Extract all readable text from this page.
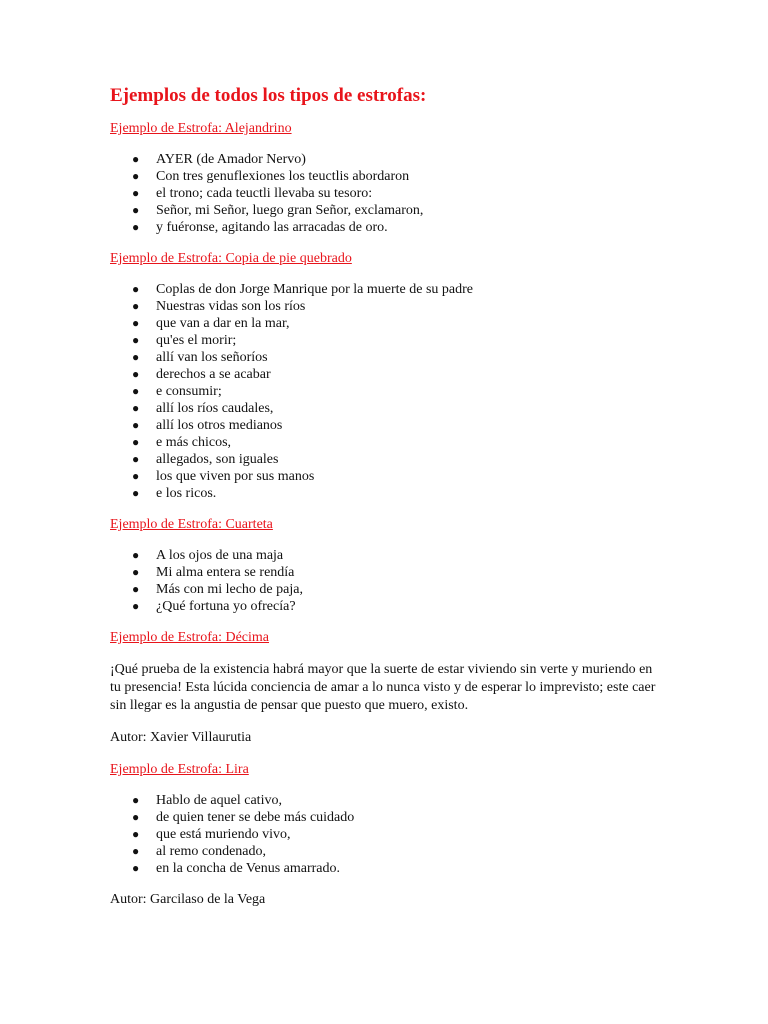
Ejemplos de todos los tipos de estrofas:
Ejemplo de Estrofa: Alejandrino
● AYER (de Amador Nervo)
● Con tres genuflexiones los teuctlis abordaron
● el trono; cada teuctli llevaba su tesoro:
● Señor, mi Señor, luego gran Señor, exclamaron,
● y fuéronse, agitando las arracadas de oro.
Ejemplo de Estrofa: Copia de pie quebrado
● Coplas de don Jorge Manrique por la muerte de su padre
● Nuestras vidas son los ríos
● que van a dar en la mar,
● qu'es el morir;
● allí van los señoríos
● derechos a se acabar
● e consumir;
● allí los ríos caudales,
● allí los otros medianos
● e más chicos,
● allegados, son iguales
● los que viven por sus manos
● e los ricos.
Ejemplo de Estrofa: Cuarteta
● A los ojos de una maja
● Mi alma entera se rendía
● Más con mi lecho de paja,
● ¿Qué fortuna yo ofrecía?
Ejemplo de Estrofa: Décima

¡Qué prueba de la existencia habrá mayor que la suerte de estar viviendo sin verte y muriendo en tu presencia! Esta lúcida conciencia de amar a lo nunca visto y de esperar lo imprevisto; este caer sin llegar es la angustia de pensar que puesto que muero, existo.

Autor: Xavier Villaurutia

Ejemplo de Estrofa: Lira
● Hablo de aquel cativo,
● de quien tener se debe más cuidado
● que está muriendo vivo,
● al remo condenado,
● en la concha de Venus amarrado.

Autor: Garcilaso de la Vega
